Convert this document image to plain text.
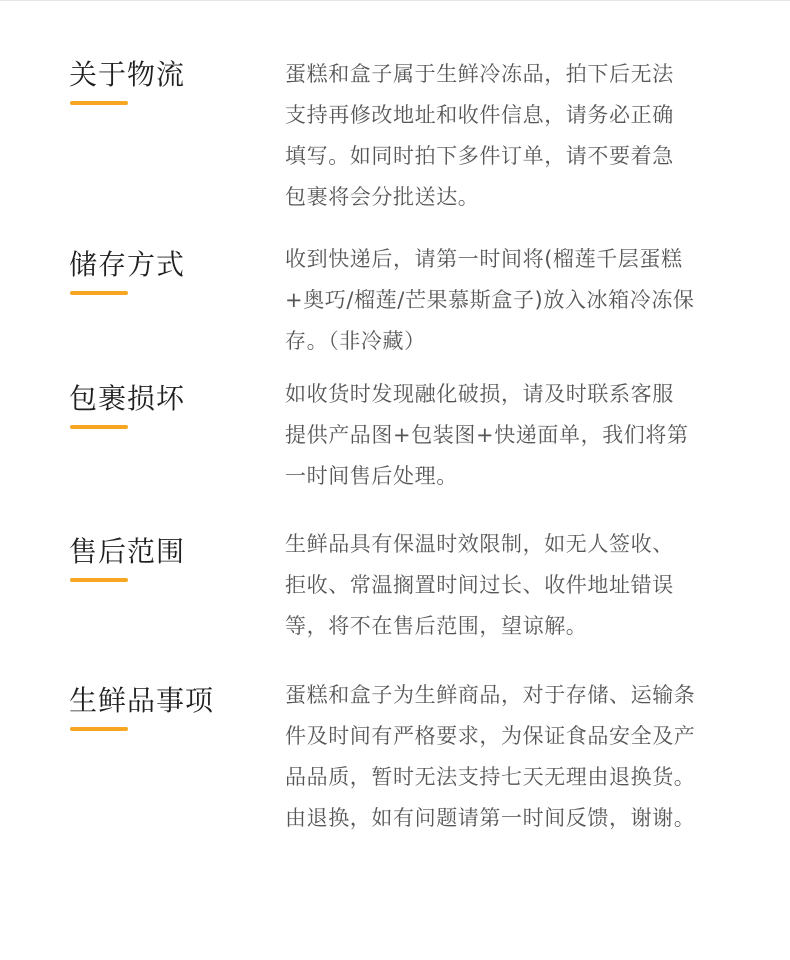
关于物流	蛋糕和盒子属于生鲜冷冻品，拍下后无法
支持再修改地址和收件信息，请务必正确
填写。如同时拍下多件订单，请不要着急
包裹将会分批送达。
储存方式	收到快递后，请第一时间将(榴莲千层蛋糕
+奥巧/榴莲/芒果慕斯盒子)放入冰箱冷冻保
存。（非冷藏）
包裹损坏	如收货时发现融化破损，请及时联系客服
提供产品图+包装图+快递面单，我们将第
一时间售后处理。
售后范围	生鲜品具有保温时效限制，如无人签收、
拒收、常温搁置时间过长、收件地址错误
等，将不在售后范围，望谅解。
生鲜品事项	蛋糕和盒子为生鲜商品，对于存储、运输条
件及时间有严格要求，为保证食品安全及产
品品质，暂时无法支持七天无理由退换货。
由退换，如有问题请第一时间反馈，谢谢。
